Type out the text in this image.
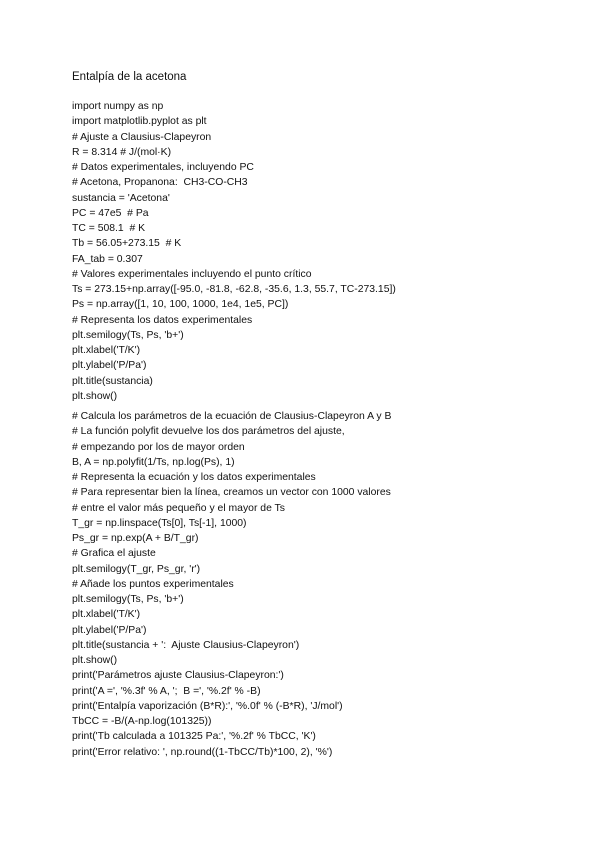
Entalpía de la acetona
import numpy as np
import matplotlib.pyplot as plt
# Ajuste a Clausius-Clapeyron
R = 8.314 # J/(mol·K)
# Datos experimentales, incluyendo PC
# Acetona, Propanona:  CH3-CO-CH3
sustancia = 'Acetona'
PC = 47e5  # Pa
TC = 508.1  # K
Tb = 56.05+273.15  # K
FA_tab = 0.307
# Valores experimentales incluyendo el punto crítico
Ts = 273.15+np.array([-95.0, -81.8, -62.8, -35.6, 1.3, 55.7, TC-273.15])
Ps = np.array([1, 10, 100, 1000, 1e4, 1e5, PC])
# Representa los datos experimentales
plt.semilogy(Ts, Ps, 'b+')
plt.xlabel('T/K')
plt.ylabel('P/Pa')
plt.title(sustancia)
plt.show()
# Calcula los parámetros de la ecuación de Clausius-Clapeyron A y B
# La función polyfit devuelve los dos parámetros del ajuste,
# empezando por los de mayor orden
B, A = np.polyfit(1/Ts, np.log(Ps), 1)
# Representa la ecuación y los datos experimentales
# Para representar bien la línea, creamos un vector con 1000 valores
# entre el valor más pequeño y el mayor de Ts
T_gr = np.linspace(Ts[0], Ts[-1], 1000)
Ps_gr = np.exp(A + B/T_gr)
# Grafica el ajuste
plt.semilogy(T_gr, Ps_gr, 'r')
# Añade los puntos experimentales
plt.semilogy(Ts, Ps, 'b+')
plt.xlabel('T/K')
plt.ylabel('P/Pa')
plt.title(sustancia + ':  Ajuste Clausius-Clapeyron')
plt.show()
print('Parámetros ajuste Clausius-Clapeyron:')
print('A =', '%.3f' % A, ';  B =', '%.2f' % -B)
print('Entalpía vaporización (B*R):', '%.0f' % (-B*R), 'J/mol')
TbCC = -B/(A-np.log(101325))
print('Tb calculada a 101325 Pa:', '%.2f' % TbCC, 'K')
print('Error relativo: ', np.round((1-TbCC/Tb)*100, 2), '%')
